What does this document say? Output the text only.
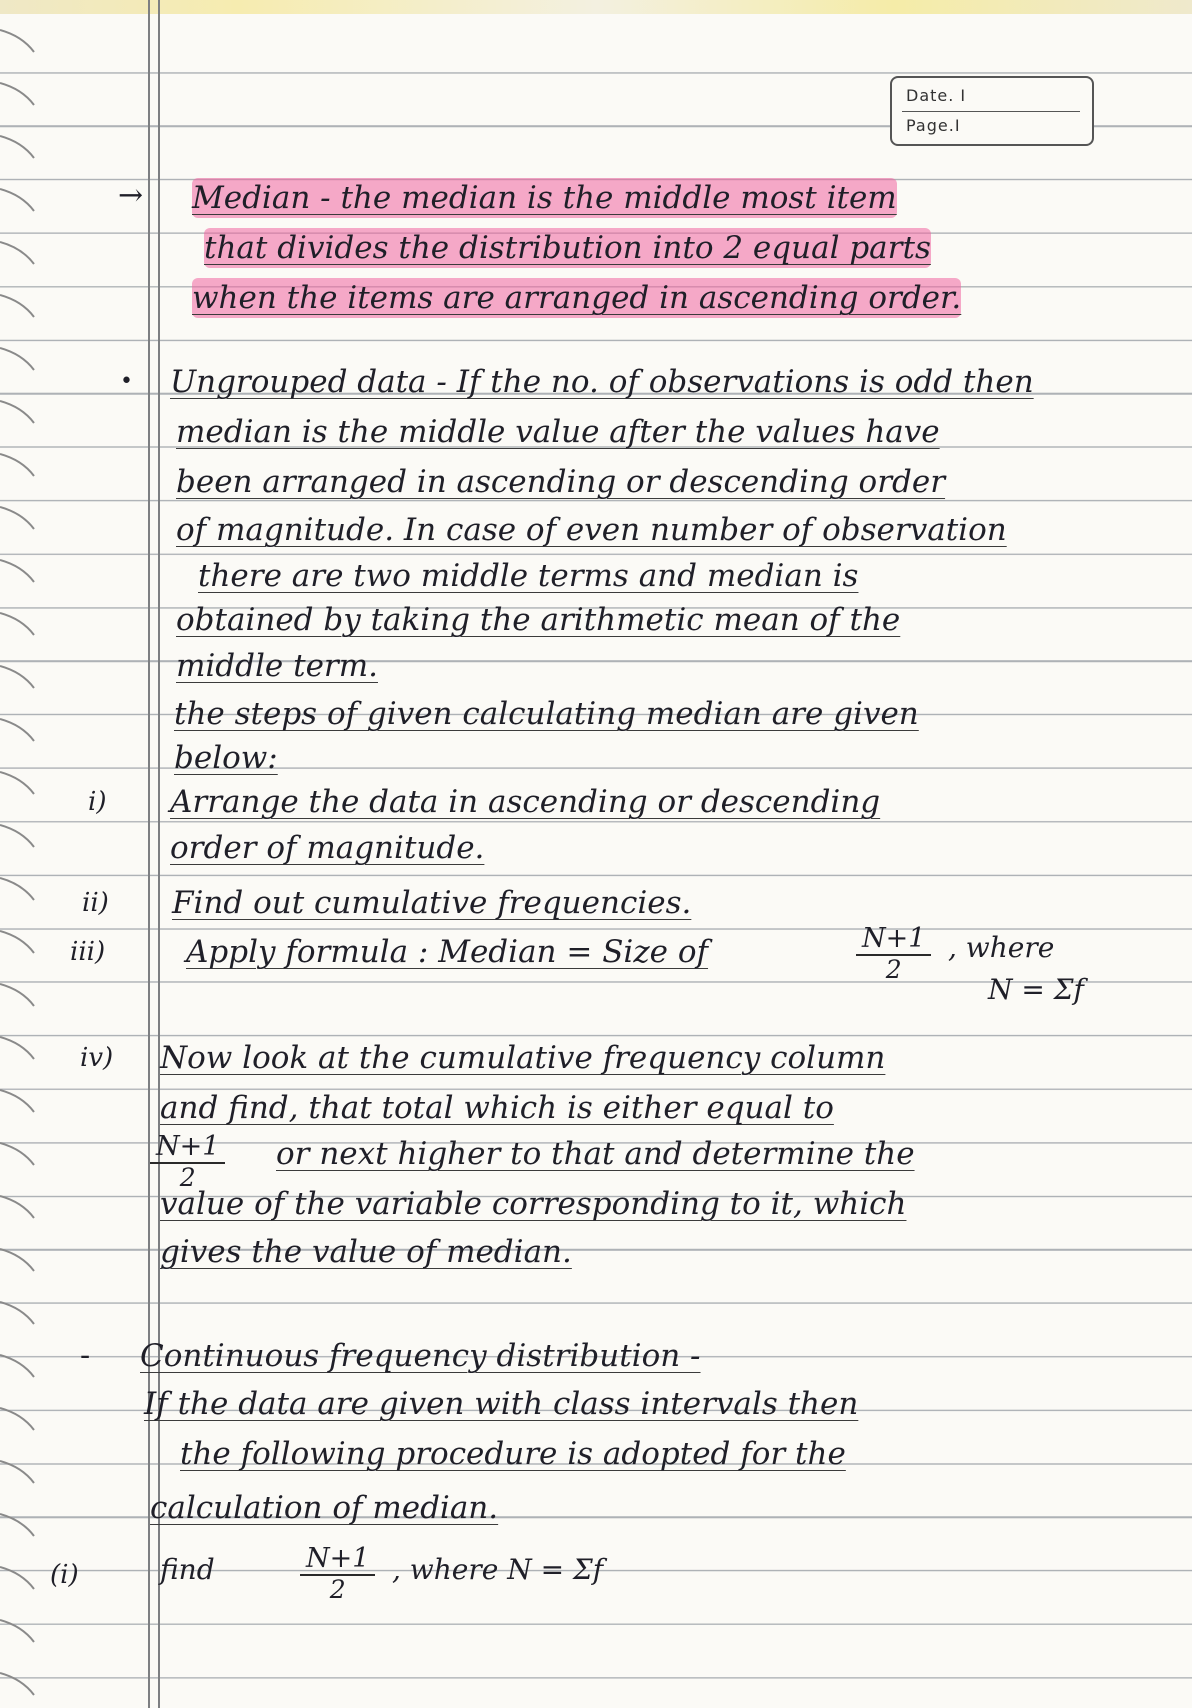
Date. I
Page.I
→
•
i)
ii)
iii)
iv)
-
(i)

Median - the median is the middle most item

that divides the distribution into 2 equal parts

when the items are arranged in ascending order.

Ungrouped data - If the no. of observations is odd then

median is the middle value after the values have

been arranged in ascending or descending order

of magnitude. In case of even number of observation

there are two middle terms and median is

obtained by taking the arithmetic mean of the

middle term.

the steps of given calculating median are given

below:

Arrange the data in ascending or descending

order of magnitude.

Find out cumulative frequencies.

Apply formula : Median = Size of	$\frac{N+1}{2}$ , where
N = Σf

Now look at the cumulative frequency column

and find, that total which is either equal to

$\frac{N+1}{2}$ or next higher to that and determine the

value of the variable corresponding to it, which

gives the value of median.

Continuous frequency distribution -

If the data are given with class intervals then

the following procedure is adopted for the

calculation of median.

find	$\frac{N+1}{2}$ , where N = Σf
